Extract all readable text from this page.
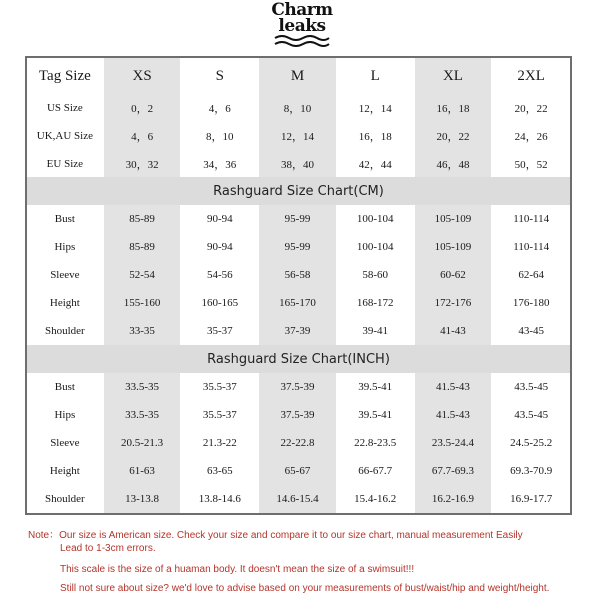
Charm
leaks
Tag Size	XS	S	M	L	XL	2XL
US Size	0，2	4，6	8，10	12，14	16，18	20，22
UK,AU Size	4，6	8，10	12，14	16，18	20，22	24，26
EU Size	30，32	34，36	38，40	42，44	46，48	50，52
Rashguard Size Chart(CM)
Bust	85-89	90-94	95-99	100-104	105-109	110-114
Hips	85-89	90-94	95-99	100-104	105-109	110-114
Sleeve	52-54	54-56	56-58	58-60	60-62	62-64
Height	155-160	160-165	165-170	168-172	172-176	176-180
Shoulder	33-35	35-37	37-39	39-41	41-43	43-45
Rashguard Size Chart(INCH)
Bust	33.5-35	35.5-37	37.5-39	39.5-41	41.5-43	43.5-45
Hips	33.5-35	35.5-37	37.5-39	39.5-41	41.5-43	43.5-45
Sleeve	20.5-21.3	21.3-22	22-22.8	22.8-23.5	23.5-24.4	24.5-25.2
Height	61-63	63-65	65-67	66-67.7	67.7-69.3	69.3-70.9
Shoulder	13-13.8	13.8-14.6	14.6-15.4	15.4-16.2	16.2-16.9	16.9-17.7
Note：Our size is American size. Check your size and compare it to our size chart, manual measurement Easily
Lead to 1-3cm errors.
This scale is the size of a huaman body. It doesn't mean the size of a swimsuit!!!
Still not sure about size? we'd love to advise based on your measurements of bust/waist/hip and weight/height.
